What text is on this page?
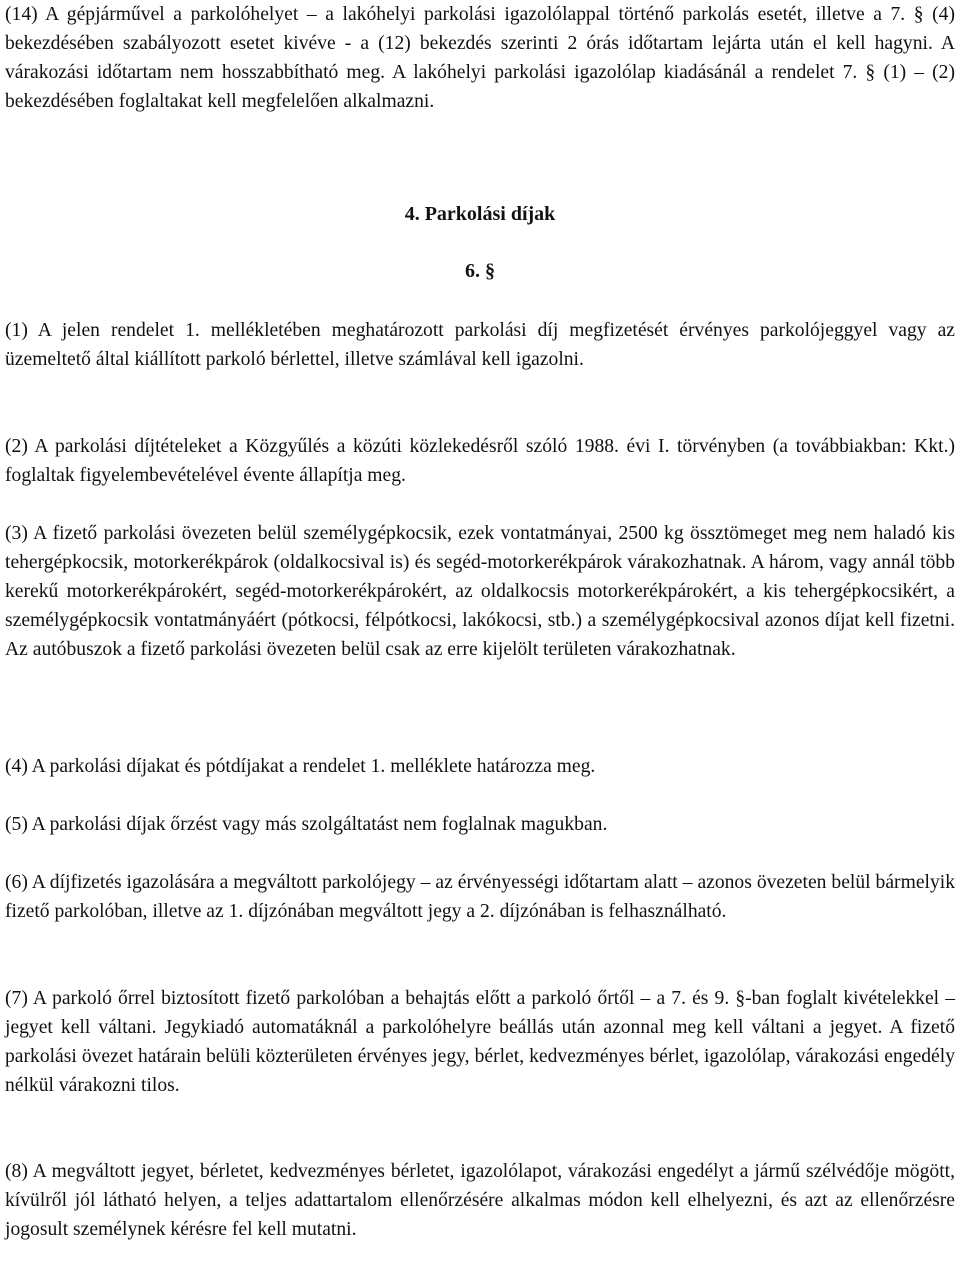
(14) A gépjárművel a parkolóhelyet – a lakóhelyi parkolási igazolólappal történő parkolás esetét, illetve a 7. § (4) bekezdésében szabályozott esetet kivéve - a (12) bekezdés szerinti 2 órás időtartam lejárta után el kell hagyni. A várakozási időtartam nem hosszabbítható meg. A lakóhelyi parkolási igazolólap kiadásánál a rendelet 7. § (1) – (2) bekezdésében foglaltakat kell megfelelően alkalmazni.

4. Parkolási díjak
6. §

(1) A jelen rendelet 1. mellékletében meghatározott parkolási díj megfizetését érvényes parkolójeggyel vagy az üzemeltető által kiállított parkoló bérlettel, illetve számlával kell igazolni.

(2) A parkolási díjtételeket a Közgyűlés a közúti közlekedésről szóló 1988. évi I. törvényben (a továbbiakban: Kkt.) foglaltak figyelembevételével évente állapítja meg.

(3) A fizető parkolási övezeten belül személygépkocsik, ezek vontatmányai, 2500 kg össztömeget meg nem haladó kis tehergépkocsik, motorkerékpárok (oldalkocsival is) és segéd-motorkerékpárok várakozhatnak. A három, vagy annál több kerekű motorkerékpárokért, segéd-motorkerékpárokért, az oldalkocsis motorkerékpárokért, a kis tehergépkocsikért, a személygépkocsik vontatmányáért (pótkocsi, félpótkocsi, lakókocsi, stb.) a személygépkocsival azonos díjat kell fizetni. Az autóbuszok a fizető parkolási övezeten belül csak az erre kijelölt területen várakozhatnak.

(4) A parkolási díjakat és pótdíjakat a rendelet 1. melléklete határozza meg.

(5) A parkolási díjak őrzést vagy más szolgáltatást nem foglalnak magukban.

(6) A díjfizetés igazolására a megváltott parkolójegy – az érvényességi időtartam alatt – azonos övezeten belül bármelyik fizető parkolóban, illetve az 1. díjzónában megváltott jegy a 2. díjzónában is felhasználható.

(7) A parkoló őrrel biztosított fizető parkolóban a behajtás előtt a parkoló őrtől – a 7. és 9. §-ban foglalt kivételekkel – jegyet kell váltani. Jegykiadó automatáknál a parkolóhelyre beállás után azonnal meg kell váltani a jegyet. A fizető parkolási övezet határain belüli közterületen érvényes jegy, bérlet, kedvezményes bérlet, igazolólap, várakozási engedély nélkül várakozni tilos.

(8) A megváltott jegyet, bérletet, kedvezményes bérletet, igazolólapot, várakozási engedélyt a jármű szélvédője mögött, kívülről jól látható helyen, a teljes adattartalom ellenőrzésére alkalmas módon kell elhelyezni, és azt az ellenőrzésre jogosult személynek kérésre fel kell mutatni.
